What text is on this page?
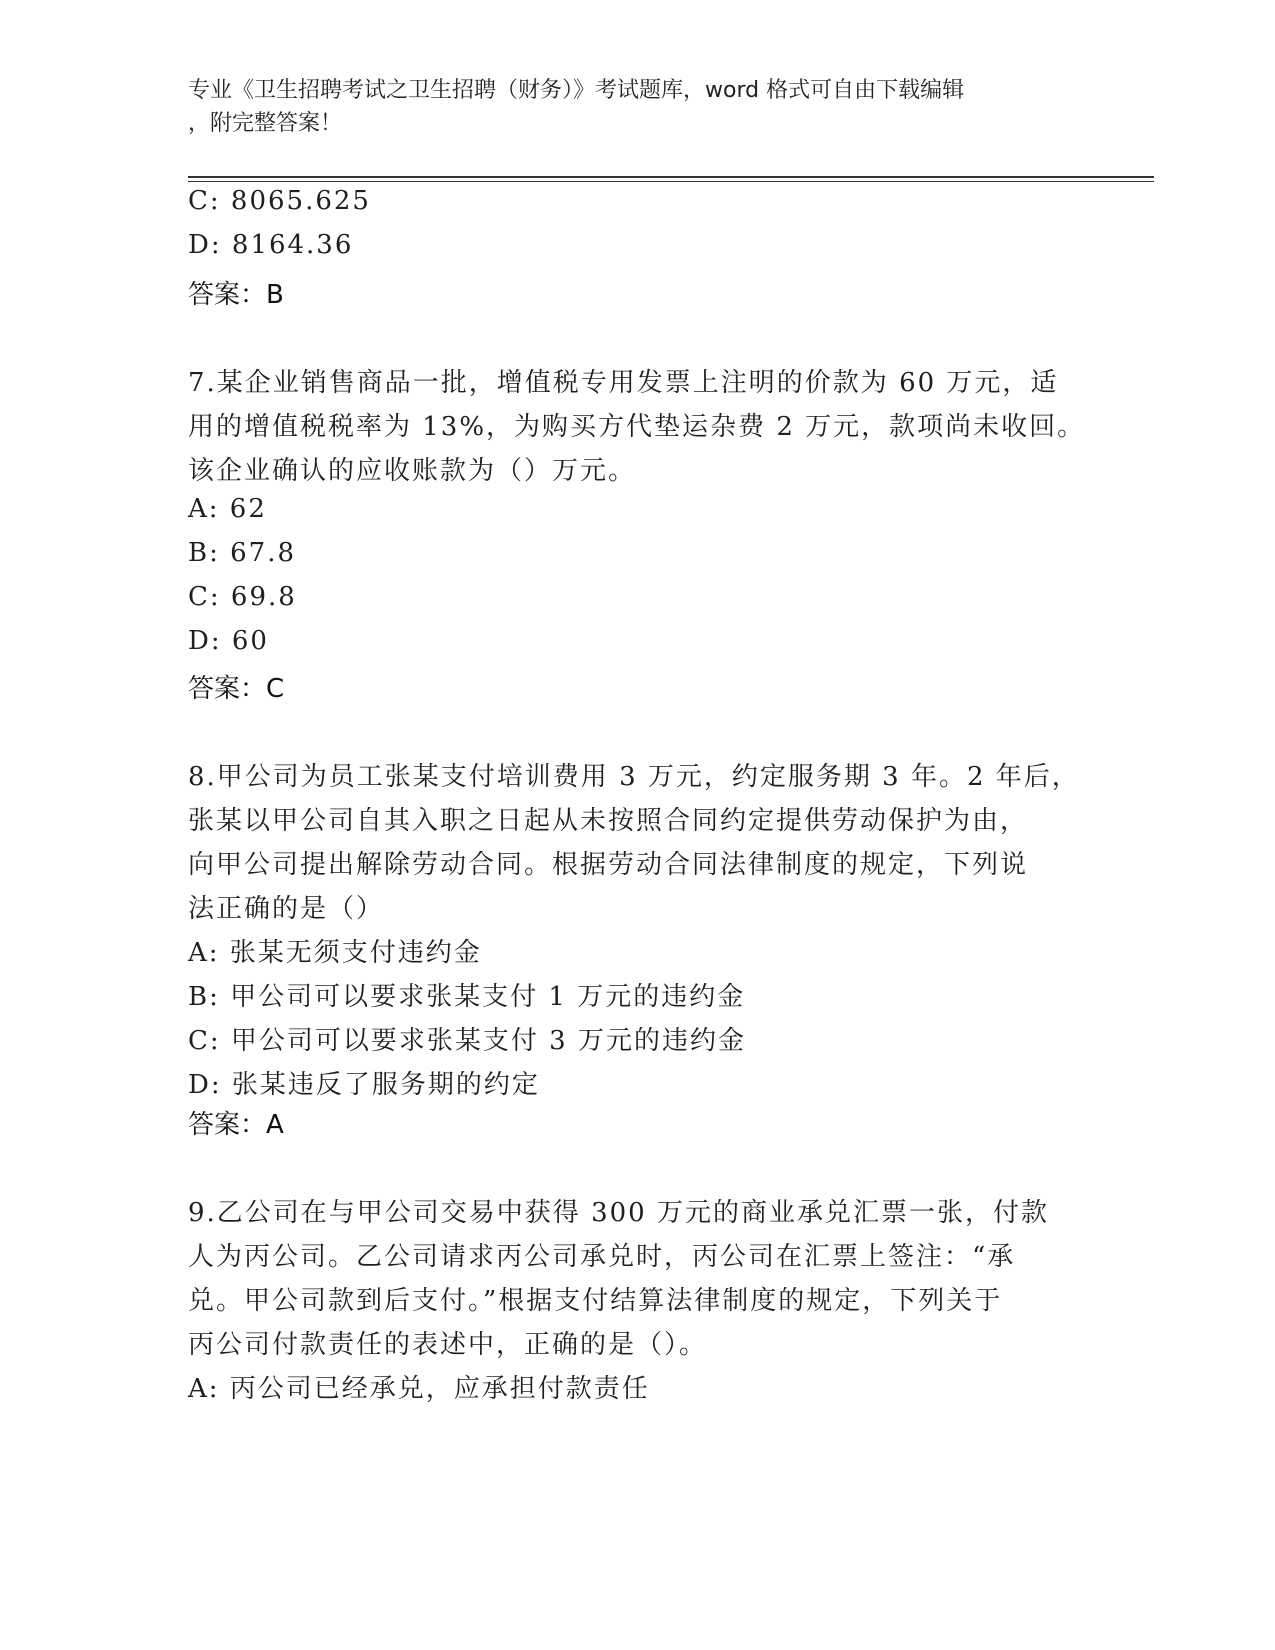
专业《卫生招聘考试之卫生招聘（财务）》考试题库，word 格式可自由下载编辑
，附完整答案！
C: 8065.625
D: 8164.36
答案：B
7.某企业销售商品一批，增值税专用发票上注明的价款为 60 万元，适
用的增值税税率为 13%，为购买方代垫运杂费 2 万元，款项尚未收回。
该企业确认的应收账款为（）万元。
A: 62
B: 67.8
C: 69.8
D: 60
答案：C
8.甲公司为员工张某支付培训费用 3 万元，约定服务期 3 年。2 年后，
张某以甲公司自其入职之日起从未按照合同约定提供劳动保护为由，
向甲公司提出解除劳动合同。根据劳动合同法律制度的规定，下列说
法正确的是（）
A: 张某无须支付违约金
B: 甲公司可以要求张某支付 1 万元的违约金
C: 甲公司可以要求张某支付 3 万元的违约金
D: 张某违反了服务期的约定
答案：A
9.乙公司在与甲公司交易中获得 300 万元的商业承兑汇票一张，付款
人为丙公司。乙公司请求丙公司承兑时，丙公司在汇票上签注：“承
兑。甲公司款到后支付。”根据支付结算法律制度的规定，下列关于
丙公司付款责任的表述中，正确的是（）。
A: 丙公司已经承兑，应承担付款责任
